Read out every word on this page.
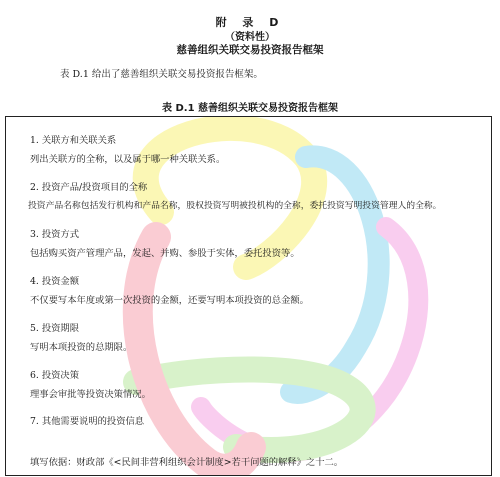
附 录 D
（资料性）
慈善组织关联交易投资报告框架
表 D.1 给出了慈善组织关联交易投资报告框架。
表 D.1 慈善组织关联交易投资报告框架
1. 关联方和关联关系
列出关联方的全称，以及属于哪一种关联关系。
2. 投资产品/投资项目的全称
投资产品名称包括发行机构和产品名称，股权投资写明被投机构的全称，委托投资写明投资管理人的全称。
3. 投资方式
包括购买资产管理产品，发起、并购、参股于实体，委托投资等。
4. 投资金额
不仅要写本年度或第一次投资的金额，还要写明本项投资的总金额。
5. 投资期限
写明本项投资的总期限。
6. 投资决策
理事会审批等投资决策情况。
7. 其他需要说明的投资信息
填写依据：财政部《<民间非营利组织会计制度>若干问题的解释》之十二。
